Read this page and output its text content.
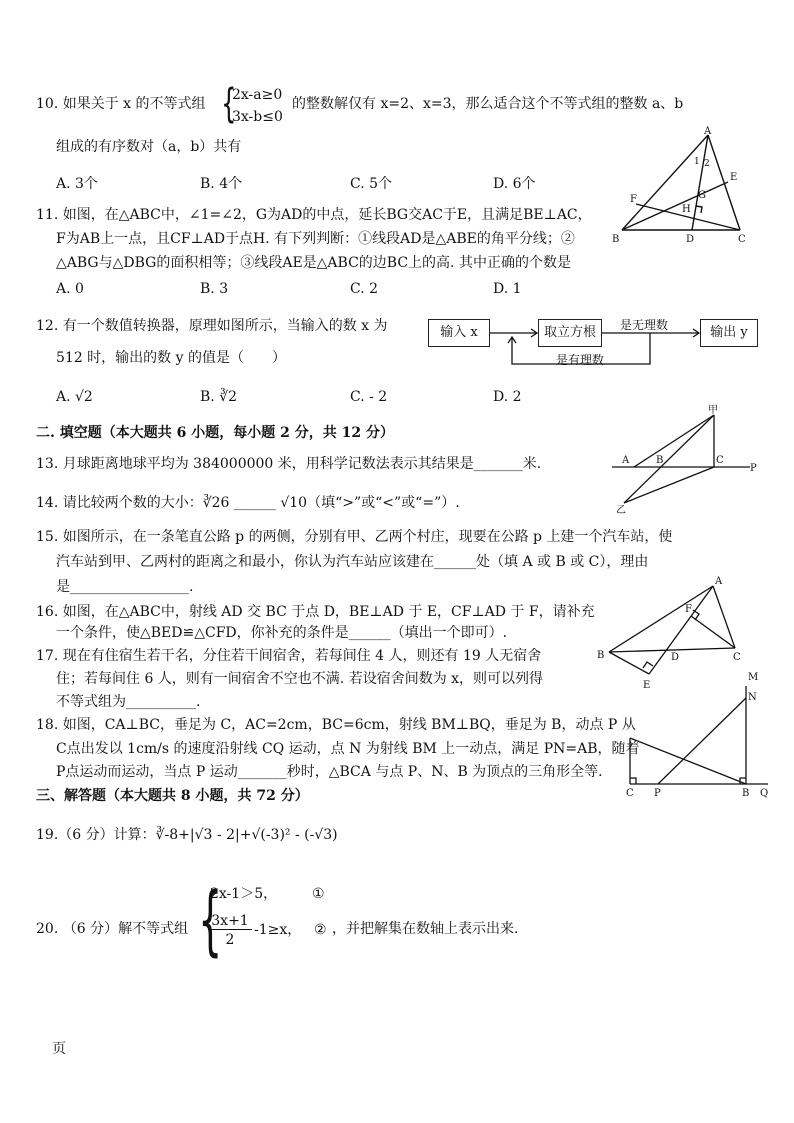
10. 如果关于 x 的不等式组 {
2x-a≥0
3x-b≤0
的整数解仅有 x=2、x=3，那么适合这个不等式组的整数 a、b
组成的有序数对（a，b）共有
A. 3个	B. 4个	C. 5个	D. 6个
A
B	C
D
E
F	G
H
1 2
11. 如图，在△ABC中，∠1=∠2，G为AD的中点，延长BG交AC于E，且满足BE⊥AC，
F为AB上一点，且CF⊥AD于点H. 有下列判断：①线段AD是△ABE的角平分线；②
△ABG与△DBG的面积相等；③线段AE是△ABC的边BC上的高. 其中正确的个数是
A. 0	B. 3	C. 2	D. 1
12. 有一个数值转换器，原理如图所示，当输入的数 x 为
512 时，输出的数 y 的值是（　　）
输入 x	取立方根	输出 y
是无理数
是有理数
A. √2	B. ∛2	C. - 2	D. 2
二. 填空题（本大题共 6 小题，每小题 2 分，共 12 分）
13. 月球距离地球平均为 384000000 米，用科学记数法表示其结果是_______米.
14. 请比较两个数的大小：∛26 ______ √10（填“>”或“<”或“=”）.
甲
乙
A	B	C
P
15. 如图所示，在一条笔直公路 p 的两侧，分别有甲、乙两个村庄，现要在公路 p 上建一个汽车站，使
汽车站到甲、乙两村的距离之和最小，你认为汽车站应该建在______处（填 A 或 B 或 C），理由
是_________________.
16. 如图，在△ABC中，射线 AD 交 BC 于点 D，BE⊥AD 于 E，CF⊥AD 于 F，请补充
一个条件，使△BED≌△CFD，你补充的条件是______（填出一个即可）.
A
B	C
D
E
F
17. 现在有住宿生若干名，分住若干间宿舍，若每间住 4 人，则还有 19 人无宿舍
住；若每间住 6 人，则有一间宿舍不空也不满. 若设宿舍间数为 x，则可以列得
不等式组为__________.
M
N
C P	B Q
18. 如图，CA⊥BC，垂足为 C，AC=2cm，BC=6cm，射线 BM⊥BQ，垂足为 B，动点 P 从
C点出发以 1cm/s 的速度沿射线 CQ 运动，点 N 为射线 BM 上一动点，满足 PN=AB，随着
P点运动而运动，当点 P 运动_______秒时，△BCA 与点 P、N、B 为顶点的三角形全等.
三、解答题（本大题共 8 小题，共 72 分）
19.（6 分）计算：∛-8+|√3 - 2|+√(-3)² - (-√3)
20. （6 分）解不等式组 {
2x-1＞5， ①
3x+1
2
-1≥x， ② ，并把解集在数轴上表示出来.
页
